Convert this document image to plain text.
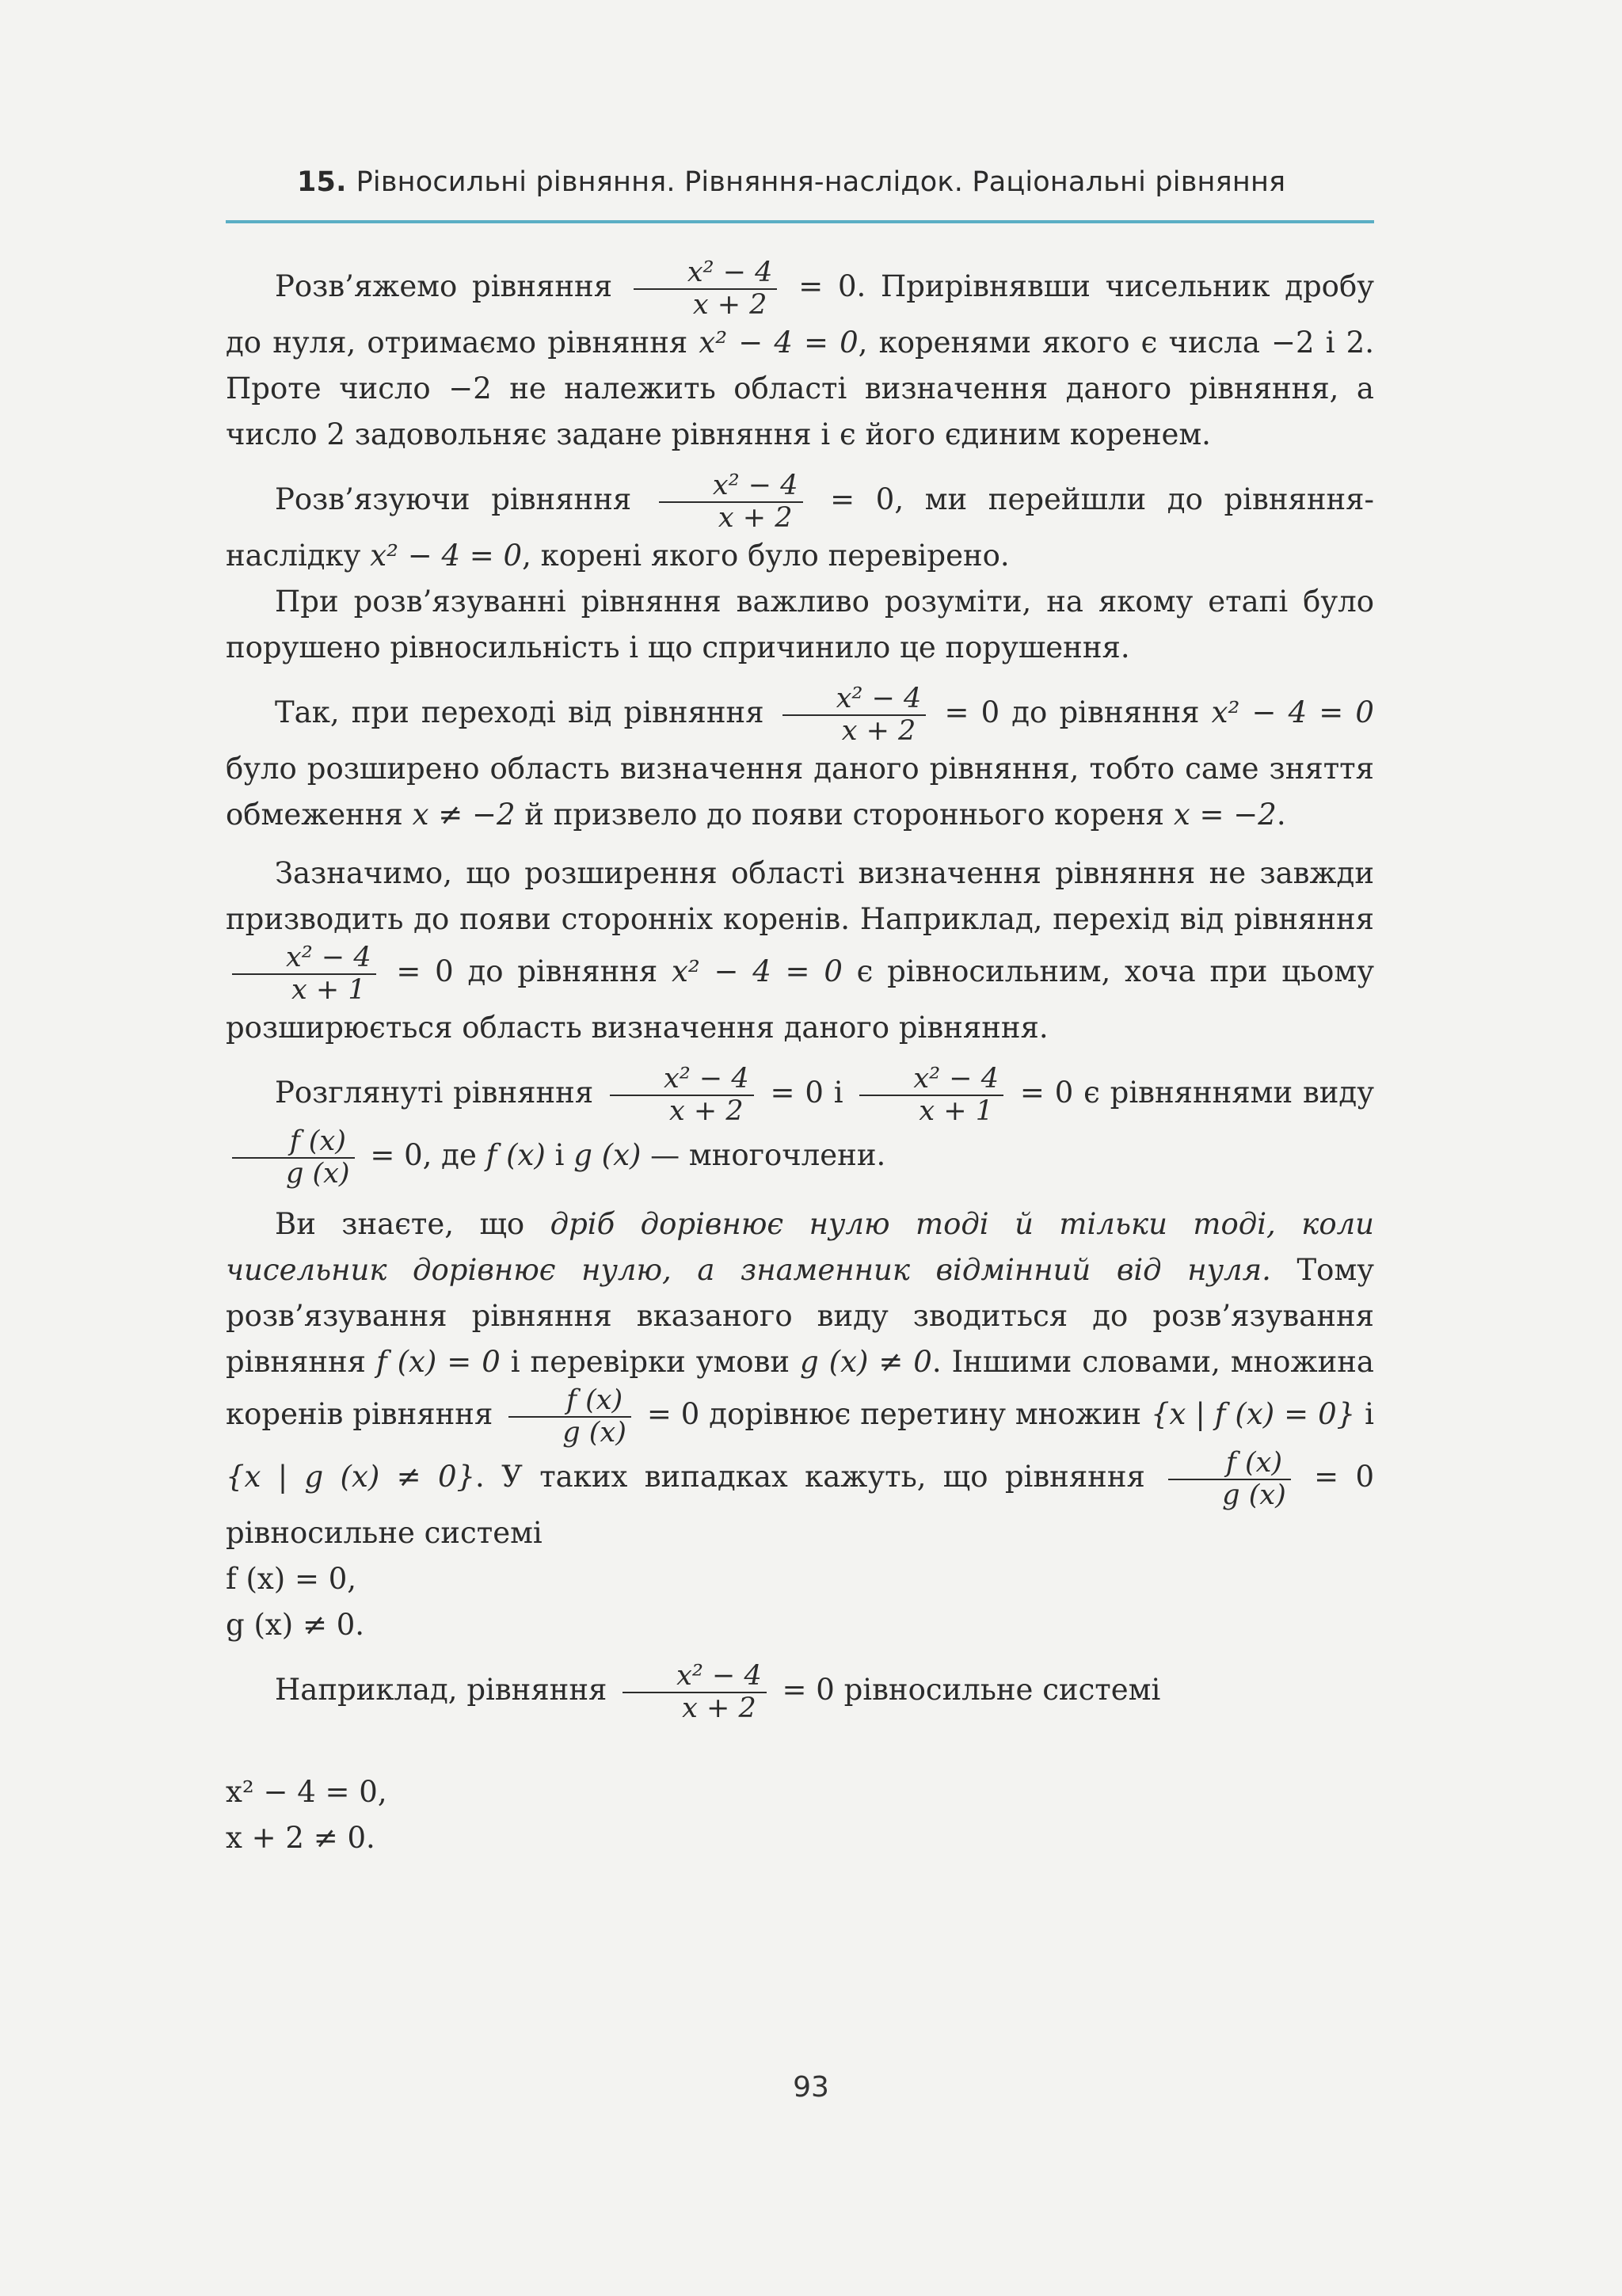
15. Рівносильні рівняння. Рівняння-наслідок. Раціональні рівняння

Розв’яжемо рівняння $\frac{\text{x² − 4}}{x + 2} = 0$. Прирівнявши чисельник дробу до нуля, отримаємо рівняння x² − 4 = 0, коренями якого є числа −2 і 2. Проте число −2 не належить області визначення даного рівняння, а число 2 задовольняє задане рівняння і є його єдиним коренем.

Розв’язуючи рівняння $\frac{\text{x² − 4}}{x + 2} = 0$, ми перейшли до рівняння-наслідку x² − 4 = 0, корені якого було перевірено.

При розв’язуванні рівняння важливо розуміти, на якому етапі було порушено рівносильність і що спричинило це порушення.

Так, при переході від рівняння $\frac{\text{x² − 4}}{x + 2} = 0$ до рівняння x² − 4 = 0 було розширено область визначення даного рівняння, тобто саме зняття обмеження x ≠ −2 й призвело до появи стороннього кореня x = −2.

Зазначимо, що розширення області визначення рівняння не завжди призводить до появи сторонніх коренів. Наприклад, перехід від рівняння
$\frac{\text{x² − 4}}{x + 1} = 0$ до рівняння x² − 4 = 0 є рівносильним, хоча при цьому розширюється область визначення даного рівняння.

Розглянуті рівняння $\frac{\text{x² − 4}}{x + 2} = 0$ і $\frac{\text{x² − 4}}{x + 1} = 0$ є рівняннями виду
$\frac{f (x)}{g (x)} = 0$, де f (x) і g (x) — многочлени.

Ви знаєте, що дріб дорівнює нулю тоді й тільки тоді, коли чисельник дорівнює нулю, а знаменник відмінний від нуля. Тому розв’язування рівняння вказаного виду зводиться до розв’язування рівняння f (x) = 0 і перевірки умови g (x) ≠ 0. Іншими словами, множина коренів рівняння $\frac{f (x)}{g (x)} = 0$ дорівнює перетину множин {x | f (x) = 0} і {x | g (x) ≠ 0}. У таких випадках кажуть, що рівняння $\frac{f (x)}{g (x)} = 0$ рівносильне системі

f (x) = 0,
g (x) ≠ 0.

Наприклад, рівняння $\frac{\text{x² − 4}}{x + 2} = 0$ рівносильне системі

x² − 4 = 0,
x + 2 ≠ 0.

93
